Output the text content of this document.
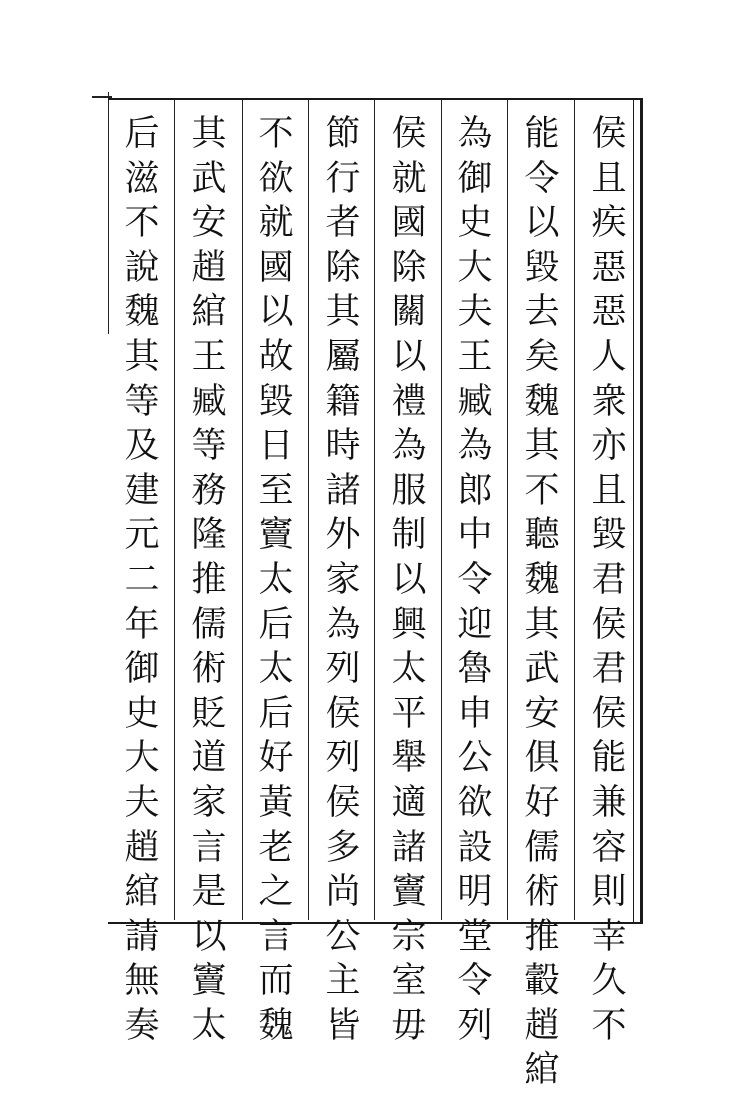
侯
且
疾
惡
惡
人
衆
亦
且
毀
君
侯
君
侯
能
兼
容
則
幸
久
不
能
令
以
毀
去
矣
魏
其
不
聽
魏
其
武
安
俱
好
儒
術
推
轂
趙
綰
為
御
史
大
夫
王
臧
為
郎
中
令
迎
魯
申
公
欲
設
明
堂
令
列
侯
就
國
除
關
以
禮
為
服
制
以
興
太
平
舉
適
諸
竇
宗
室
毋
節
行
者
除
其
屬
籍
時
諸
外
家
為
列
侯
列
侯
多
尚
公
主
皆
不
欲
就
國
以
故
毀
日
至
竇
太
后
太
后
好
黃
老
之
言
而
魏
其
武
安
趙
綰
王
臧
等
務
隆
推
儒
術
貶
道
家
言
是
以
竇
太
后
滋
不
說
魏
其
等
及
建
元
二
年
御
史
大
夫
趙
綰
請
無
奏
